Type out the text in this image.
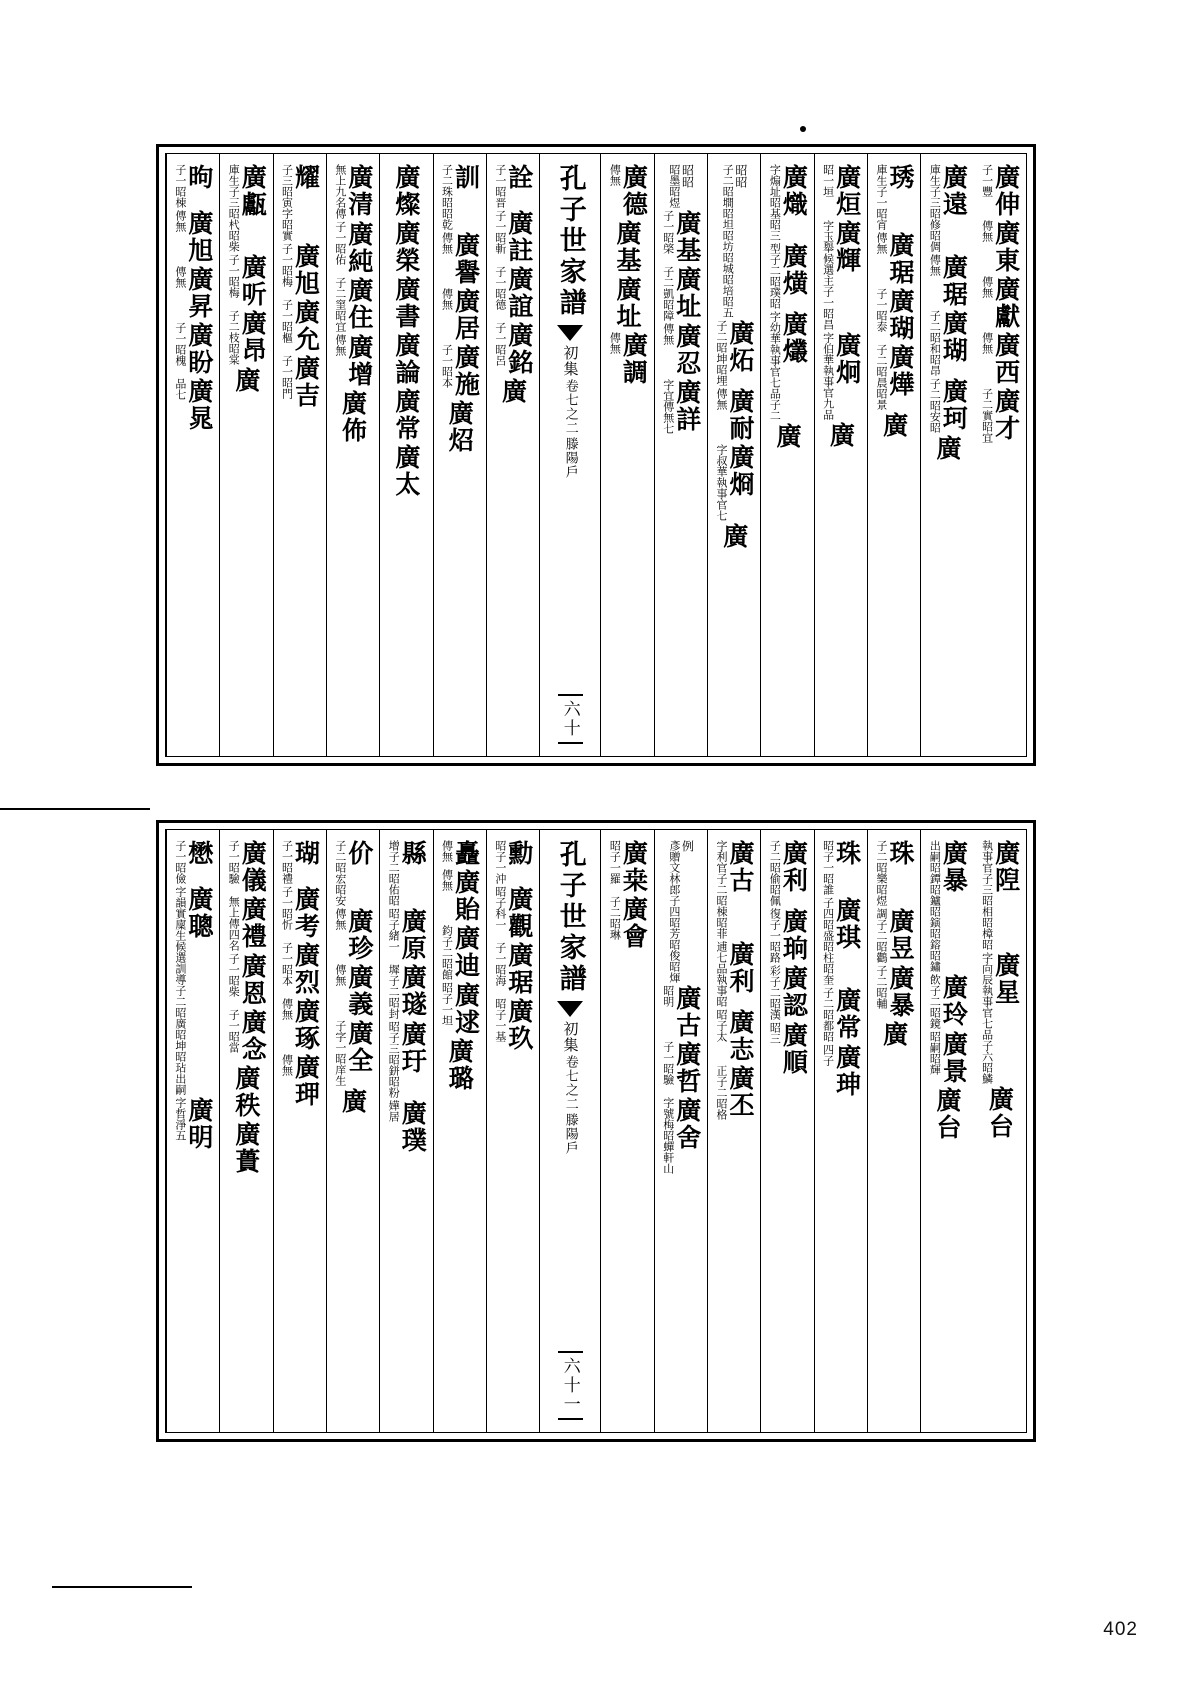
子一豐
廣伸
傳無
廣東
傳無
廣獻
傳無
廣西
子二實昭宜
廣才
庫生子三昭修昭倜
廣遠
傳無
廣琚
子二昭和昭昂
廣瑚
子二昭安昭
廣珂
廣
庫生子一昭宵
琇
傳無
廣琚
子一昭泰
廣瑚
子二昭晨昭景
廣燁
廣
昭一垣
廣烜
字玉舉候選主子一昭昌
廣輝
字伯華執事官九品
廣炯
廣
字煽址昭基昭三
廣熾
型子二昭璞昭
廣熿
字幼華執事官七品子二
廣爜
廣
子二昭墹昭坦昭坊昭城昭培昭五 昭昭
子二昭坤昭埋
廣炻
傳無
廣耐
字叔華執事官七
廣烱
廣
昭墨昭煜 昭昭
子一昭棨
廣基
子二凱昭障
廣址
傳無
廣忍
字宜傳無七
廣詳
傳無
廣德
廣基
廣址
傳無
廣調
孔子世家譜
初集
卷七之二
滕陽戶
六十
子一昭晋
詮
子一昭斬
廣註
子一昭德
廣誼
子一昭呂
廣銘
廣
子二珠昭昭乾
訓
傳無
廣譽
傳無
廣居
子一昭本
廣施
廣炤
廣燦
廣榮
廣書
廣論
廣常
廣太
無上九名傳
廣清
子一昭佑
廣純
子二窐昭宜
廣住
傳無
廣增
廣佈
子三昭寅字昭實
耀
子一昭梅
廣旭
子一昭樞
廣允
子一昭門
廣吉
庫生子三昭杙昭柴
廣甗
子一昭梅
廣听
子二枝昭棠
廣昂
廣
子一昭棟
昫
傳無
廣旭
傳無
廣昇
子一昭槐
廣盼
品七
廣晁
執事官子三昭相昭樟昭
廣隉
字向辰執事官七品子六昭鱗
廣星
廣台
出嗣昭鐔昭鑪昭鏔昭鎔昭鏽
廣暴
飲子二昭鏡
廣玲
昭嗣昭輝
廣景
廣台
子二昭樂昭煜
珠
調子二昭鸛
廣昱
子二昭輔
廣暴
廣
昭子一昭誰
珠
子四昭盛昭柱昭奎
廣琪
子二昭都昭
廣常
四子
廣珅
子二昭偷昭佩
廣利
復子一昭路
廣珦
彩子二昭漢
廣認
昭三
廣順
字利官子二昭棟昭菲
廣古
逋七品執事昭
廣利
昭子太
廣志
正子二昭格
廣丕
彥贈文林郎子四昭芳昭俊昭煇 例
昭明
廣古
子一昭驗
廣哲
字號梅昭蟬軒山
廣舍
昭子一羅
廣桒
子二昭琳
廣會
孔子世家譜
初集
卷七之二
滕陽戶
六十一
昭子一沖
勳
昭子科一
廣觀
子一昭海
廣琚
昭子一基
廣玖
傳無
矗
傳無
廣貽
鈞子二昭館
廣迪
昭子一坦
廣逑
廣璐
增子二昭佑昭
縣
昭子緒一
廣原
墀子二昭封
廣璲
昭子三昭鉼昭粉
廣玗
嬅居
廣璞
子二昭宏昭安
价
傳無
廣珍
傳無
廣義
子字一昭庠生
廣全
廣
子一昭禮
瑚
子一昭忻
廣考
子一昭本
廣烈
傳無
廣琢
傳無
廣玾
子一昭驗
廣儀
無上傳四名
廣禮
子一昭柴
廣恩
子一昭當
廣念
廣秩
廣蕢
子一昭儉
懋
字韻實廩生候選訓導子二昭廣昭坤昭玷出嗣
廣聰
字哲淨五
廣明
402
